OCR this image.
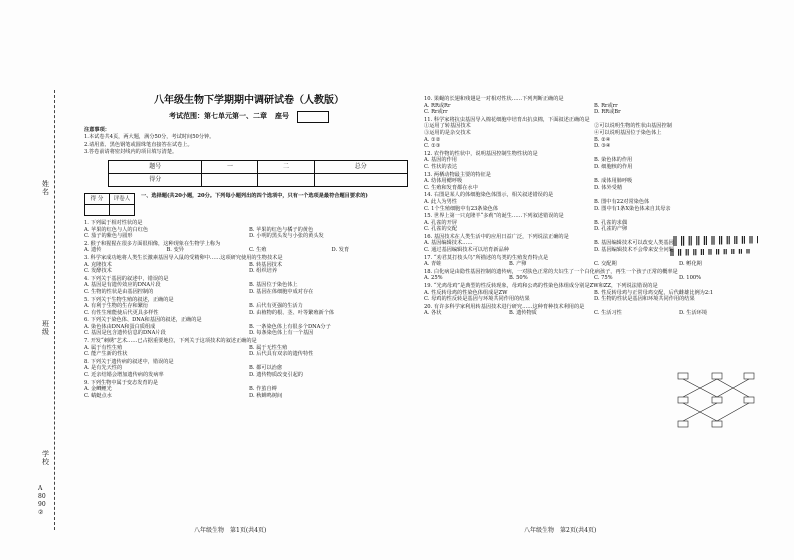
姓名
班级
学校
A8090②
八年级生物下学期期中调研试卷（人教版）
考试范围：第七单元第一、二章 座号
注意事项：
1.本试卷共4页，两大题，满分50分，考试时间50分钟。
2.请用蓝、黑色钢笔或圆珠笔直接答在试卷上。
3.答卷前请将密封线内的项目填写清楚。
题号	一	二	总分
得分			
得 分	评卷人
	一、选择题(共20小题，20分。下列每小题列出的四个选项中，只有一个选项是最符合题目要求的)
1. 下列属于相对性状的是
A. 苹果的红色与人的白红色	B. 苹果的红色与橘子的黄色
C. 茄子的紫色与圆形	D. 小明的黑头发与小张的黄头发
2. 猴子和猩猩在很多方面很相像，这种现象在生物学上称为
A. 遗传	B. 变异	C. 生殖	D. 发育
3. 科学家成功地将人类生长激素基因导入鼠的受精卵中……这项研究使用的生物技术是
A. 克隆技术	B. 转基因技术
C. 发酵技术	D. 组织培养
4. 下列关于基因的叙述中，错误的是
A. 基因是有遗传效应的DNA片段	B. 基因位于染色体上
C. 生物的性状是由基因控制的	D. 基因在体细胞中成对存在
5. 下列关于生物生殖的叙述，正确的是
A. 有利于生物的生存和繁衍	B. 后代有更强的生活力
C. 有性生殖能使后代更具多样性	D. 由植物的根、茎、叶等繁殖新个体
6. 下列关于染色体、DNA和基因的叙述，正确的是
A. 染色体由DNA和蛋白质组成	B. 一条染色体上有很多个DNA分子
C. 基因是包含遗传信息的DNA片段	D. 每条染色体上有一个基因
7. 开发“刺绣”艺术……已占据重要地位，下列关于这项技术的叙述正确的是
A. 属于有性生殖	B. 属于无性生殖
C. 能产生新的性状	D. 后代具有双亲的遗传特性
8. 下列关于遗传病的叙述中，错误的是
A. 是有先天性的	B. 都可以治愈
C. 近亲结婚会增加遗传病的发病率	D. 遗传物质改变引起的
9. 下列生物中属于变态发育的是
A. 金鲫鲤光	B. 作茧自缚
C. 蜻蜓点水	D. 秋蝉鸣树间
八年级生物　第1页(共4页)
10. 果蝇的长翅和残翅是一对相对性状……下列判断正确的是
A. RR或Rr	B. Rr或rr
C. Rr或rr	D. RR或Br
11. 科学家将抗虫基因导入棉花细胞中培育出抗虫棉，下面叙述正确的是
①运用了转基因技术	②可以说明生物的性状由基因控制
③运用的是杂交技术	④可以说明基因位于染色体上
A. ①②	B. ②④
C. ①③	D. ③④
12. 农作物的性状中，说明基因控制生物性状的是
A. 基因的作用	B. 染色体的作用
C. 性状的表达	D. 细胞核的作用
13. 两栖动物最主要的特征是
A. 幼体用鳃呼吸	B. 成体用肺呼吸
C. 生殖和发育都在水中	D. 体外受精
14. 右图是某人的体细胞染色体图示，相关叙述错误的是
A. 此人为男性	B. 图中有22对常染色体
C. 1个生殖细胞中有23条染色体	D. 图中有1条X染色体来自其母亲
15. 世界上第一只克隆羊“多莉”的诞生……下列叙述错误的是
A. 孔雀的开屏	B. 孔雀的求偶
C. 孔雀的交配	D. 孔雀的产卵
16. 基因技术在人类生活中的应用日益广泛，下列说法正确的是
A. 基因编辑技术……	B. 基因编辑技术可以改变人类基因
C. 通过基因编辑技术可以培育新品种	D. 基因编辑技术不会带来安全问题
17. “劝君莫打枝头鸟”所描述的鸟类的生殖发育特点是
A. 青蛙	B. 产卵	C. 交配期	D. 孵化期
18. 白化病是由隐性基因控制的遗传病，一对肤色正常的夫妇生了一个白化病孩子，再生一个孩子正常的概率是
A. 25%	B. 50%	C. 75%	D. 100%
19. “光鸡母鸡”是典型的性反转现象，母鸡和公鸡的性染色体组成分别是ZW和ZZ，下列说法错误的是
A. 性反转母鸡的性染色体组成是ZW	B. 性反转母鸡与正常母鸡交配，后代雌雄比例为2:1
C. 母鸡的性反转是基因与环境共同作用的结果	D. 生物的性状是基因和环境共同作用的结果
20. 有许多科学家利用转基因技术进行研究……这种育种技术利用的是
A. 各状	B. 遗传物质	C. 生活习性	D. 生活环境
八年级生物　第2页(共4页)
